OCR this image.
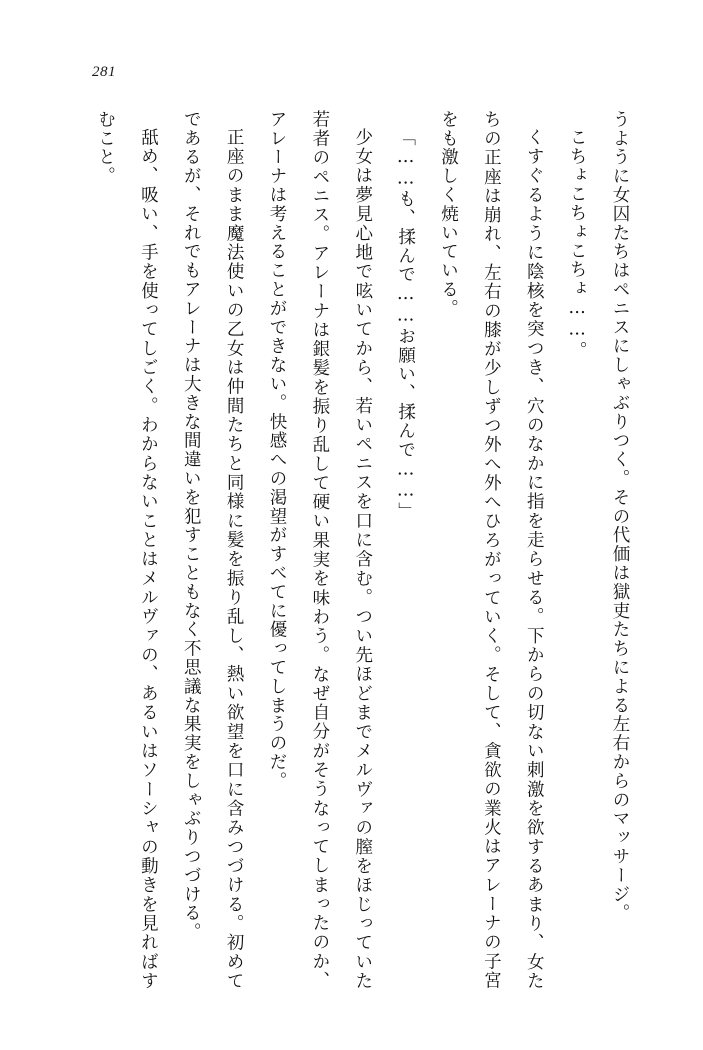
281

うように女囚たちはペニスにしゃぶりつく。その代価は獄吏たちによる左右からのマッサージ。

こちょこちょこちょ……。

くすぐるように陰核を突つき、穴のなかに指を走らせる。下からの切ない刺激を欲するあまり、女たちの正座は崩れ、左右の膝が少しずつ外へ外へひろがっていく。そして、貪欲の業火はアレーナの子宮をも激しく焼いている。

「……も、揉んで……お願い、揉んで……」

少女は夢見心地で呟いてから、若いペニスを口に含む。つい先ほどまでメルヴァの膣をほじっていた若者のペニス。アレーナは銀髪を振り乱して硬い果実を味わう。なぜ自分がそうなってしまったのか、アレーナは考えることができない。快感への渇望がすべてに優ってしまうのだ。

正座のまま魔法使いの乙女は仲間たちと同様に髪を振り乱し、熱い欲望を口に含みつづける。初めてであるが、それでもアレーナは大きな間違いを犯すこともなく不思議な果実をしゃぶりつづける。

舐め、吸い、手を使ってしごく。わからないことはメルヴァの、あるいはソーシャの動きを見ればすむこと。
